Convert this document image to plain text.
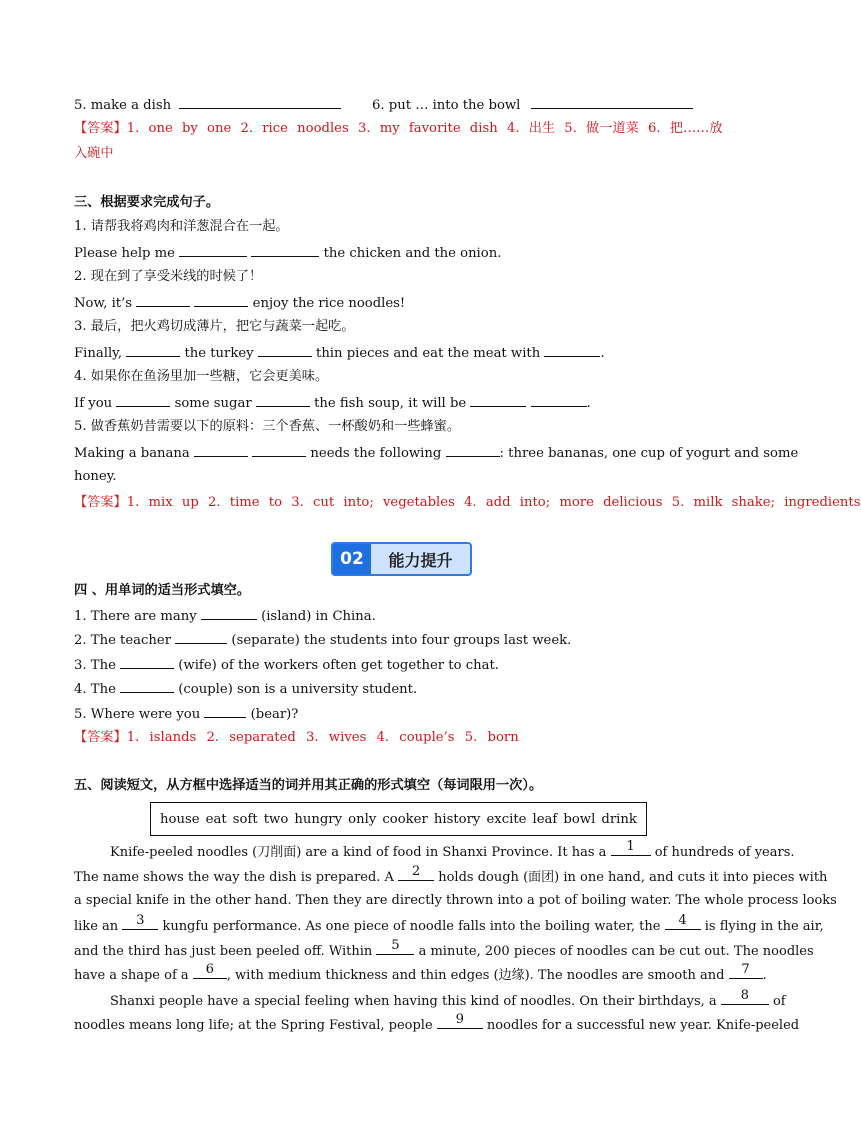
5. make a dish	6. put … into the bowl
【答案】1. one by one 2. rice noodles 3. my favorite dish 4. 出生 5. 做一道菜 6. 把……放
入碗中
三、根据要求完成句子。
1. 请帮我将鸡肉和洋葱混合在一起。
Please help me	the chicken and the onion.
2. 现在到了享受米线的时候了！
Now, it’s	enjoy the rice noodles!
3. 最后，把火鸡切成薄片，把它与蔬菜一起吃。
Finally,	the turkey	thin pieces and eat the meat with	.
4. 如果你在鱼汤里加一些糖，它会更美味。
If you	some sugar	the fish soup, it will be	.
5. 做香蕉奶昔需要以下的原料：三个香蕉、一杯酸奶和一些蜂蜜。
Making a banana	needs the following	: three bananas, one cup of yogurt and some
honey.
【答案】1. mix up 2. time to 3. cut into; vegetables 4. add into; more delicious 5. milk shake; ingredients
02	能力提升
四 、用单词的适当形式填空。
1. There are many	(island) in China.
2. The teacher	(separate) the students into four groups last week.
3. The	(wife) of the workers often get together to chat.
4. The	(couple) son is a university student.
5. Where were you	(bear)?
【答案】1. islands 2. separated 3. wives 4. couple’s 5. born
五、阅读短文，从方框中选择适当的词并用其正确的形式填空（每词限用一次）。
house eat soft two hungry only cooker history excite leaf bowl drink
Knife-peeled noodles (刀削面) are a kind of food in Shanxi Province. It has a	1	of hundreds of years.
The name shows the way the dish is prepared. A	2	holds dough (面团) in one hand, and cuts it into pieces with
a special knife in the other hand. Then they are directly thrown into a pot of boiling water. The whole process looks
like an	3	kungfu performance. As one piece of noodle falls into the boiling water, the	4	is flying in the air,
and the third has just been peeled off. Within	5	a minute, 200 pieces of noodles can be cut out. The noodles
have a shape of a	6 , with medium thickness and thin edges (边缘). The noodles are smooth and	7 .
Shanxi people have a special feeling when having this kind of noodles. On their birthdays, a	8	of
noodles means long life; at the Spring Festival, people	9	noodles for a successful new year. Knife-peeled
